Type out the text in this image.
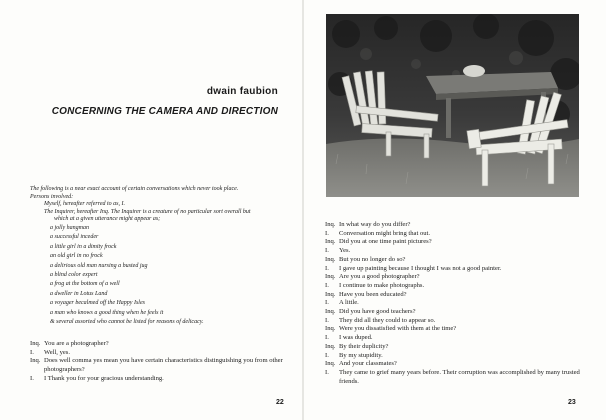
dwain faubion
CONCERNING THE CAMERA AND DIRECTION

The following is a near exact account of certain conversations which never took place.

Persons involved:

Myself, hereafter referred to as, I.

The Inquirer, hereafter Inq. The Inquirer is a creature of no particular sort overall but

which at a given utterance might appear as;

a jolly hangman
a successful inceder
a little girl in a dimity frock
an old girl in no frock
a delirious old man nursing a busted jug
a blind color expert
a frog at the bottom of a well
a dweller in Lotus Land
a voyager becalmed off the Happy Isles
a man who knows a good thing when he feels it
& several assorted who cannot be listed for reasons of delicacy.
Inq. You are a photographer?
I.	Well, yes.
Inq. Does well comma yes mean you have certain characteristics distinguishing you from other photographers?
I.	I Thank you for your gracious understanding.
22
Inq. In what way do you differ?
I.	Conversation might bring that out.
Inq. Did you at one time paint pictures?
I.	Yes.
Inq. But you no longer do so?
I.	I gave up painting because I thought I was not a good painter.
Inq. Are you a good photographer?
I.	I continue to make photographs.
Inq. Have you been educated?
I.	A little.
Inq. Did you have good teachers?
I.	They did all they could to appear so.
Inq. Were you dissatisfied with them at the time?
I.	I was duped.
Inq. By their duplicity?
I.	By my stupidity.
Inq. And your classmates?
I.	They came to grief many years before. Their corruption was accomplished by many trusted friends.
23
